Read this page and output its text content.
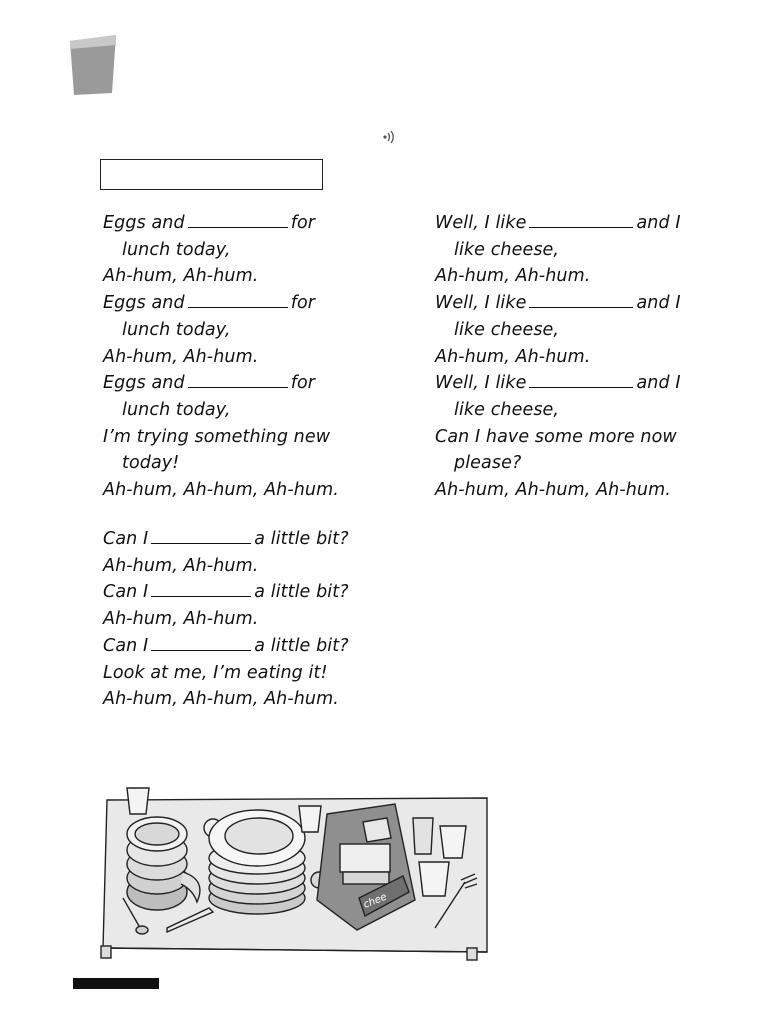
Eggs and	for
lunch today,
Ah-hum, Ah-hum.
Eggs and	for
lunch today,
Ah-hum, Ah-hum.
Eggs and	for
lunch today,
I’m trying something new
today!
Ah-hum, Ah-hum, Ah-hum.
Can I	a little bit?
Ah-hum, Ah-hum.
Can I	a little bit?
Ah-hum, Ah-hum.
Can I	a little bit?
Look at me, I’m eating it!
Ah-hum, Ah-hum, Ah-hum.
Well, I like	and I
like cheese,
Ah-hum, Ah-hum.
Well, I like	and I
like cheese,
Ah-hum, Ah-hum.
Well, I like	and I
like cheese,
Can I have some more now
please?
Ah-hum, Ah-hum, Ah-hum.
chee
